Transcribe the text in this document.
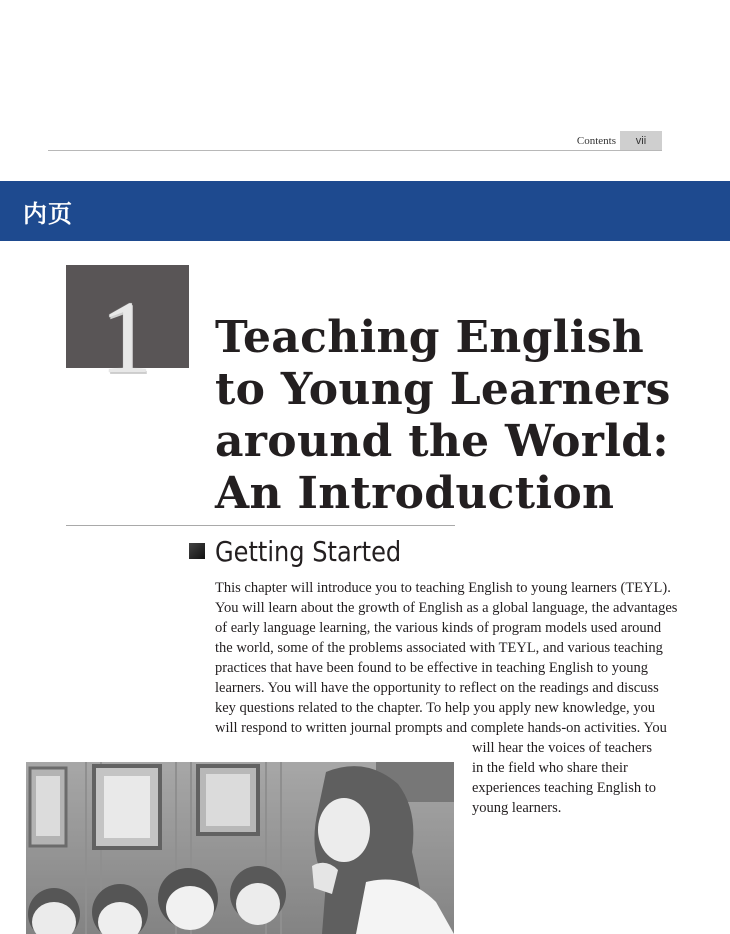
Contents	vii
内页
1 Teaching English
to Young Learners
around the World:
An Introduction
Getting Started
This chapter will introduce you to teaching English to young learners (TEYL).
You will learn about the growth of English as a global language, the advantages
of early language learning, the various kinds of program models used around
the world, some of the problems associated with TEYL, and various teaching
practices that have been found to be effective in teaching English to young
learners. You will have the opportunity to reflect on the readings and discuss
key questions related to the chapter. To help you apply new knowledge, you
will respond to written journal prompts and complete hands-on activities. You
will hear the voices of teachers
in the field who share their
experiences teaching English to
young learners.
